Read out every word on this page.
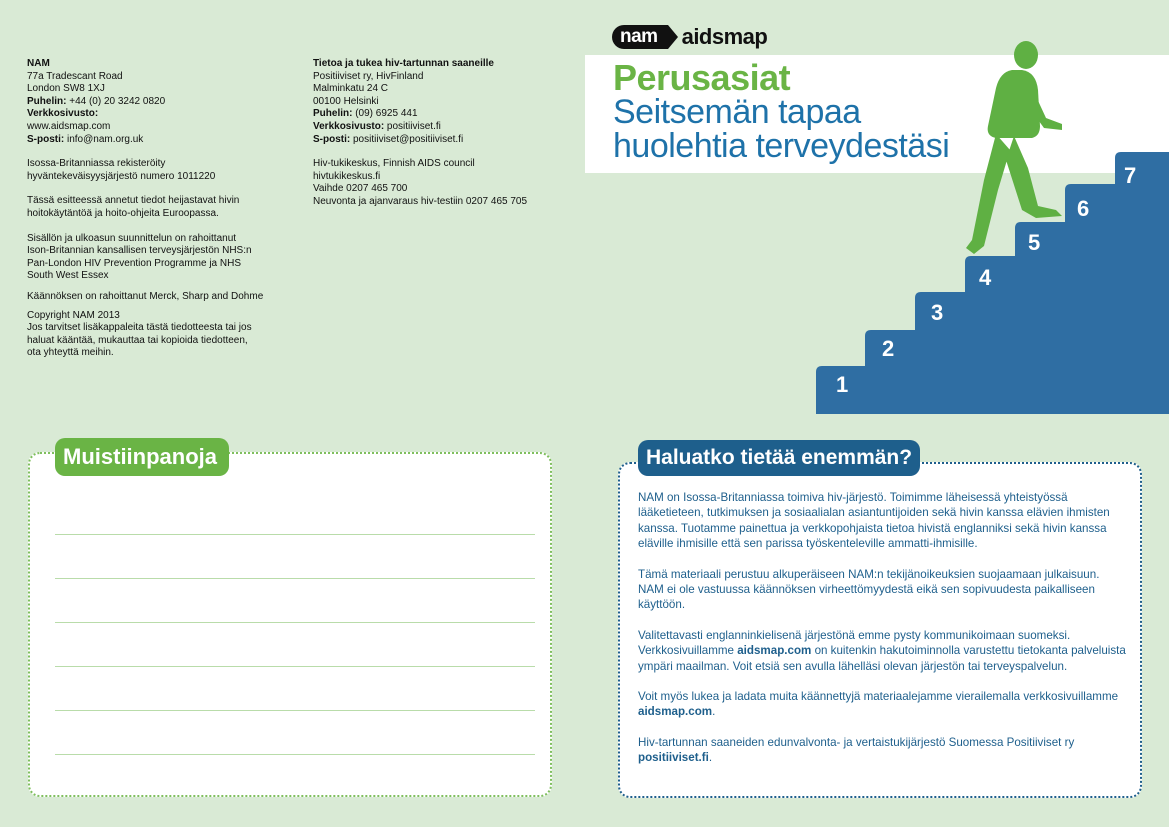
NAM
77a Tradescant Road
London SW8 1XJ
Puhelin: +44 (0) 20 3242 0820
Verkkosivusto:
www.aidsmap.com
S-posti: info@nam.org.uk
Isossa-Britanniassa rekisteröity
hyväntekeväisyysjärjestö numero 1011220
Tässä esitteessä annetut tiedot heijastavat hivin
hoitokäytäntöä ja hoito-ohjeita Euroopassa.
Sisällön ja ulkoasun suunnittelun on rahoittanut
Ison-Britannian kansallisen terveysjärjestön NHS:n
Pan-London HIV Prevention Programme ja NHS
South West Essex
Käännöksen on rahoittanut Merck, Sharp and Dohme
Copyright NAM 2013
Jos tarvitset lisäkappaleita tästä tiedotteesta tai jos
haluat kääntää, mukauttaa tai kopioida tiedotteen,
ota yhteyttä meihin.
Tietoa ja tukea hiv-tartunnan saaneille
Positiiviset ry, HivFinland
Malminkatu 24 C
00100 Helsinki
Puhelin: (09) 6925 441
Verkkosivusto: positiiviset.fi
S-posti: positiiviset@positiiviset.fi
Hiv-tukikeskus, Finnish AIDS council
hivtukikeskus.fi
Vaihde 0207 465 700
Neuvonta ja ajanvaraus hiv-testiin 0207 465 705
nam	aidsmap
Perusasiat
Seitsemän tapaa
huolehtia terveydestäsi
1
2
3
4
5
6
7
Muistiinpanoja	Haluatko tietää enemmän?

NAM on Isossa-Britanniassa toimiva hiv-järjestö. Toimimme läheisessä yhteistyössä lääketieteen, tutkimuksen ja sosiaalialan asiantuntijoiden sekä hivin kanssa elävien ihmisten kanssa. Tuotamme painettua ja verkkopohjaista tietoa hivistä englanniksi sekä hivin kanssa eläville ihmisille että sen parissa työskenteleville ammatti-ihmisille.

Tämä materiaali perustuu alkuperäiseen NAM:n tekijänoikeuksien suojaamaan julkaisuun. NAM ei ole vastuussa käännöksen virheettömyydestä eikä sen sopivuudesta paikalliseen käyttöön.

Valitettavasti englanninkielisenä järjestönä emme pysty kommunikoimaan suomeksi. Verkkosivuillamme aidsmap.com on kuitenkin hakutoiminnolla varustettu tietokanta palveluista ympäri maailman. Voit etsiä sen avulla lähelläsi olevan järjestön tai terveyspalvelun.

Voit myös lukea ja ladata muita käännettyjä materiaalejamme vierailemalla verkkosivuillamme aidsmap.com.

Hiv-tartunnan saaneiden edunvalvonta- ja vertaistukijärjestö Suomessa Positiiviset ry positiiviset.fi.
